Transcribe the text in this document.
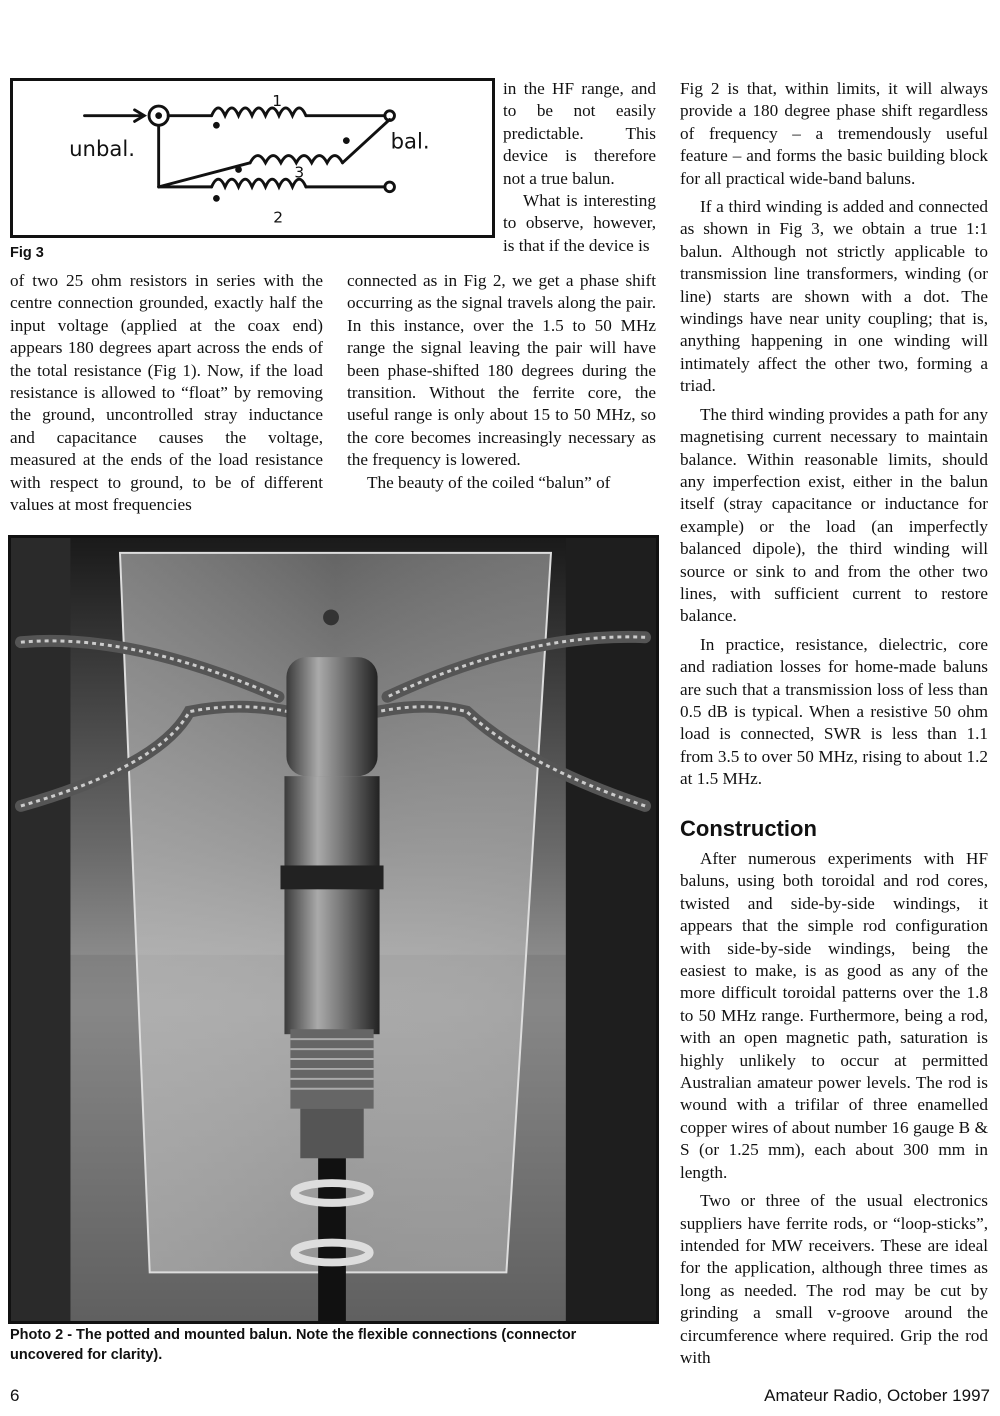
unbal.	bal.
1
3
2
Fig 3

in the HF range, and to be not easily predictable. This device is therefore not a true balun.

What is interesting to observe, however, is that if the device is

of two 25 ohm resistors in series with the centre connection grounded, exactly half the input voltage (applied at the coax end) appears 180 degrees apart across the ends of the total resistance (Fig 1). Now, if the load resistance is allowed to “float” by removing the ground, uncontrolled stray inductance and capacitance causes the voltage, measured at the ends of the load resistance with respect to ground, to be of different values at most frequencies

connected as in Fig 2, we get a phase shift occurring as the signal travels along the pair. In this instance, over the 1.5 to 50 MHz range the signal leaving the pair will have been phase-shifted 180 degrees during the transition. Without the ferrite core, the useful range is only about 15 to 50 MHz, so the core becomes increasingly necessary as the frequency is lowered.

The beauty of the coiled “balun” of

Photo 2 - The potted and mounted balun. Note the flexible connections (connector uncovered for clarity).

Fig 2 is that, within limits, it will always provide a 180 degree phase shift regardless of frequency – a tremendously useful feature – and forms the basic building block for all practical wide-band baluns.

If a third winding is added and connected as shown in Fig 3, we obtain a true 1:1 balun. Although not strictly applicable to transmission line transformers, winding (or line) starts are shown with a dot. The windings have near unity coupling; that is, anything happening in one winding will intimately affect the other two, forming a triad.

The third winding provides a path for any magnetising current necessary to maintain balance. Within reasonable limits, should any imperfection exist, either in the balun itself (stray capacitance or inductance for example) or the load (an imperfectly balanced dipole), the third winding will source or sink to and from the other two lines, with sufficient current to restore balance.

In practice, resistance, dielectric, core and radiation losses for home-made baluns are such that a transmission loss of less than 0.5 dB is typical. When a resistive 50 ohm load is connected, SWR is less than 1.1 from 3.5 to over 50 MHz, rising to about 1.2 at 1.5 MHz.

Construction

After numerous experiments with HF baluns, using both toroidal and rod cores, twisted and side-by-side windings, it appears that the simple rod configuration with side-by-side windings, being the easiest to make, is as good as any of the more difficult toroidal patterns over the 1.8 to 50 MHz range. Furthermore, being a rod, with an open magnetic path, saturation is highly unlikely to occur at permitted Australian amateur power levels. The rod is wound with a trifilar of three enamelled copper wires of about number 16 gauge B & S (or 1.25 mm), each about 300 mm in length.

Two or three of the usual electronics suppliers have ferrite rods, or “loop-sticks”, intended for MW receivers. These are ideal for the application, although three times as long as needed. The rod may be cut by grinding a small v-groove around the circumference where required. Grip the rod with

6	Amateur Radio, October 1997
